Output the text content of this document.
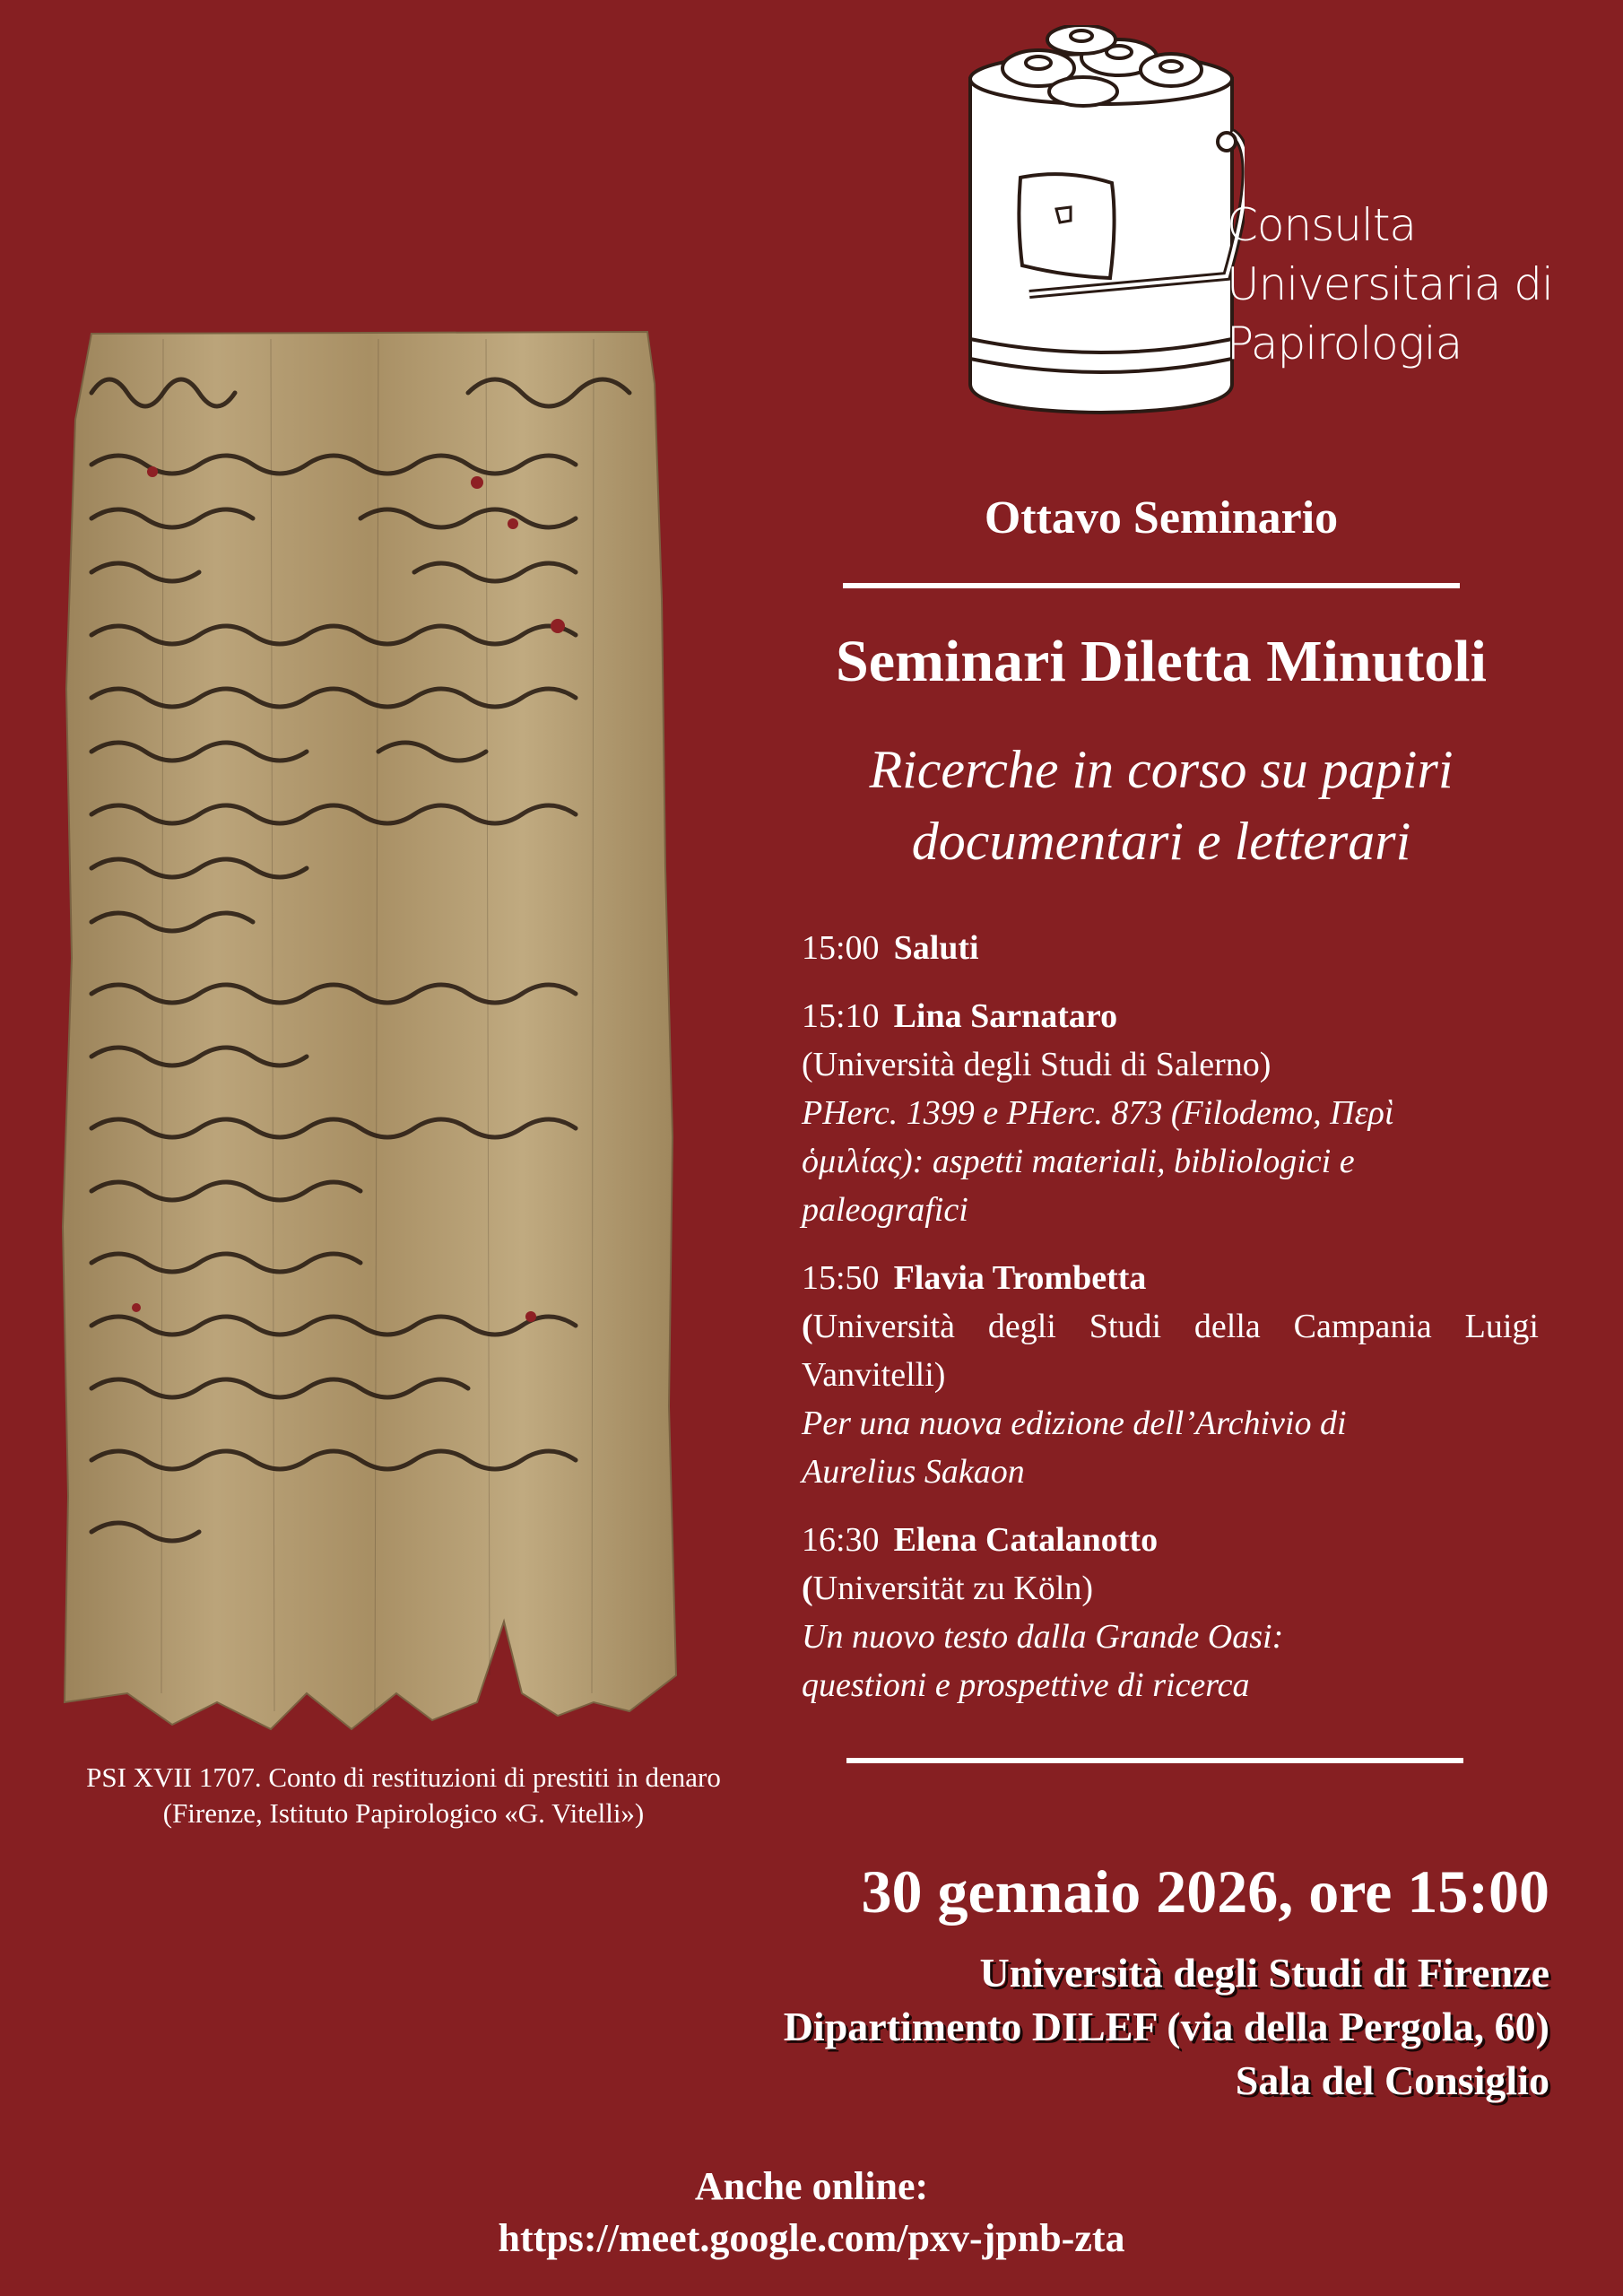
Consulta
Universitaria di
Papirologia
PSI XVII 1707. Conto di restituzioni di prestiti in denaro
(Firenze, Istituto Papirologico «G. Vitelli»)
Ottavo Seminario
Seminari Diletta Minutoli
Ricerche in corso su papiri
documentari e letterari
15:00 Saluti
15:10 Lina Sarnataro
(Università degli Studi di Salerno)
PHerc. 1399 e PHerc. 873 (Filodemo, Περὶ
ὁμιλίας): aspetti materiali, bibliologici e
paleografici
15:50 Flavia Trombetta
(Università degli Studi della Campania Luigi Vanvitelli)
Per una nuova edizione dell’Archivio di
Aurelius Sakaon
16:30 Elena Catalanotto
(Universität zu Köln)
Un nuovo testo dalla Grande Oasi:
questioni e prospettive di ricerca
30 gennaio 2026, ore 15:00
Università degli Studi di Firenze
Dipartimento DILEF (via della Pergola, 60)
Sala del Consiglio
Anche online:
https://meet.google.com/pxv-jpnb-zta
